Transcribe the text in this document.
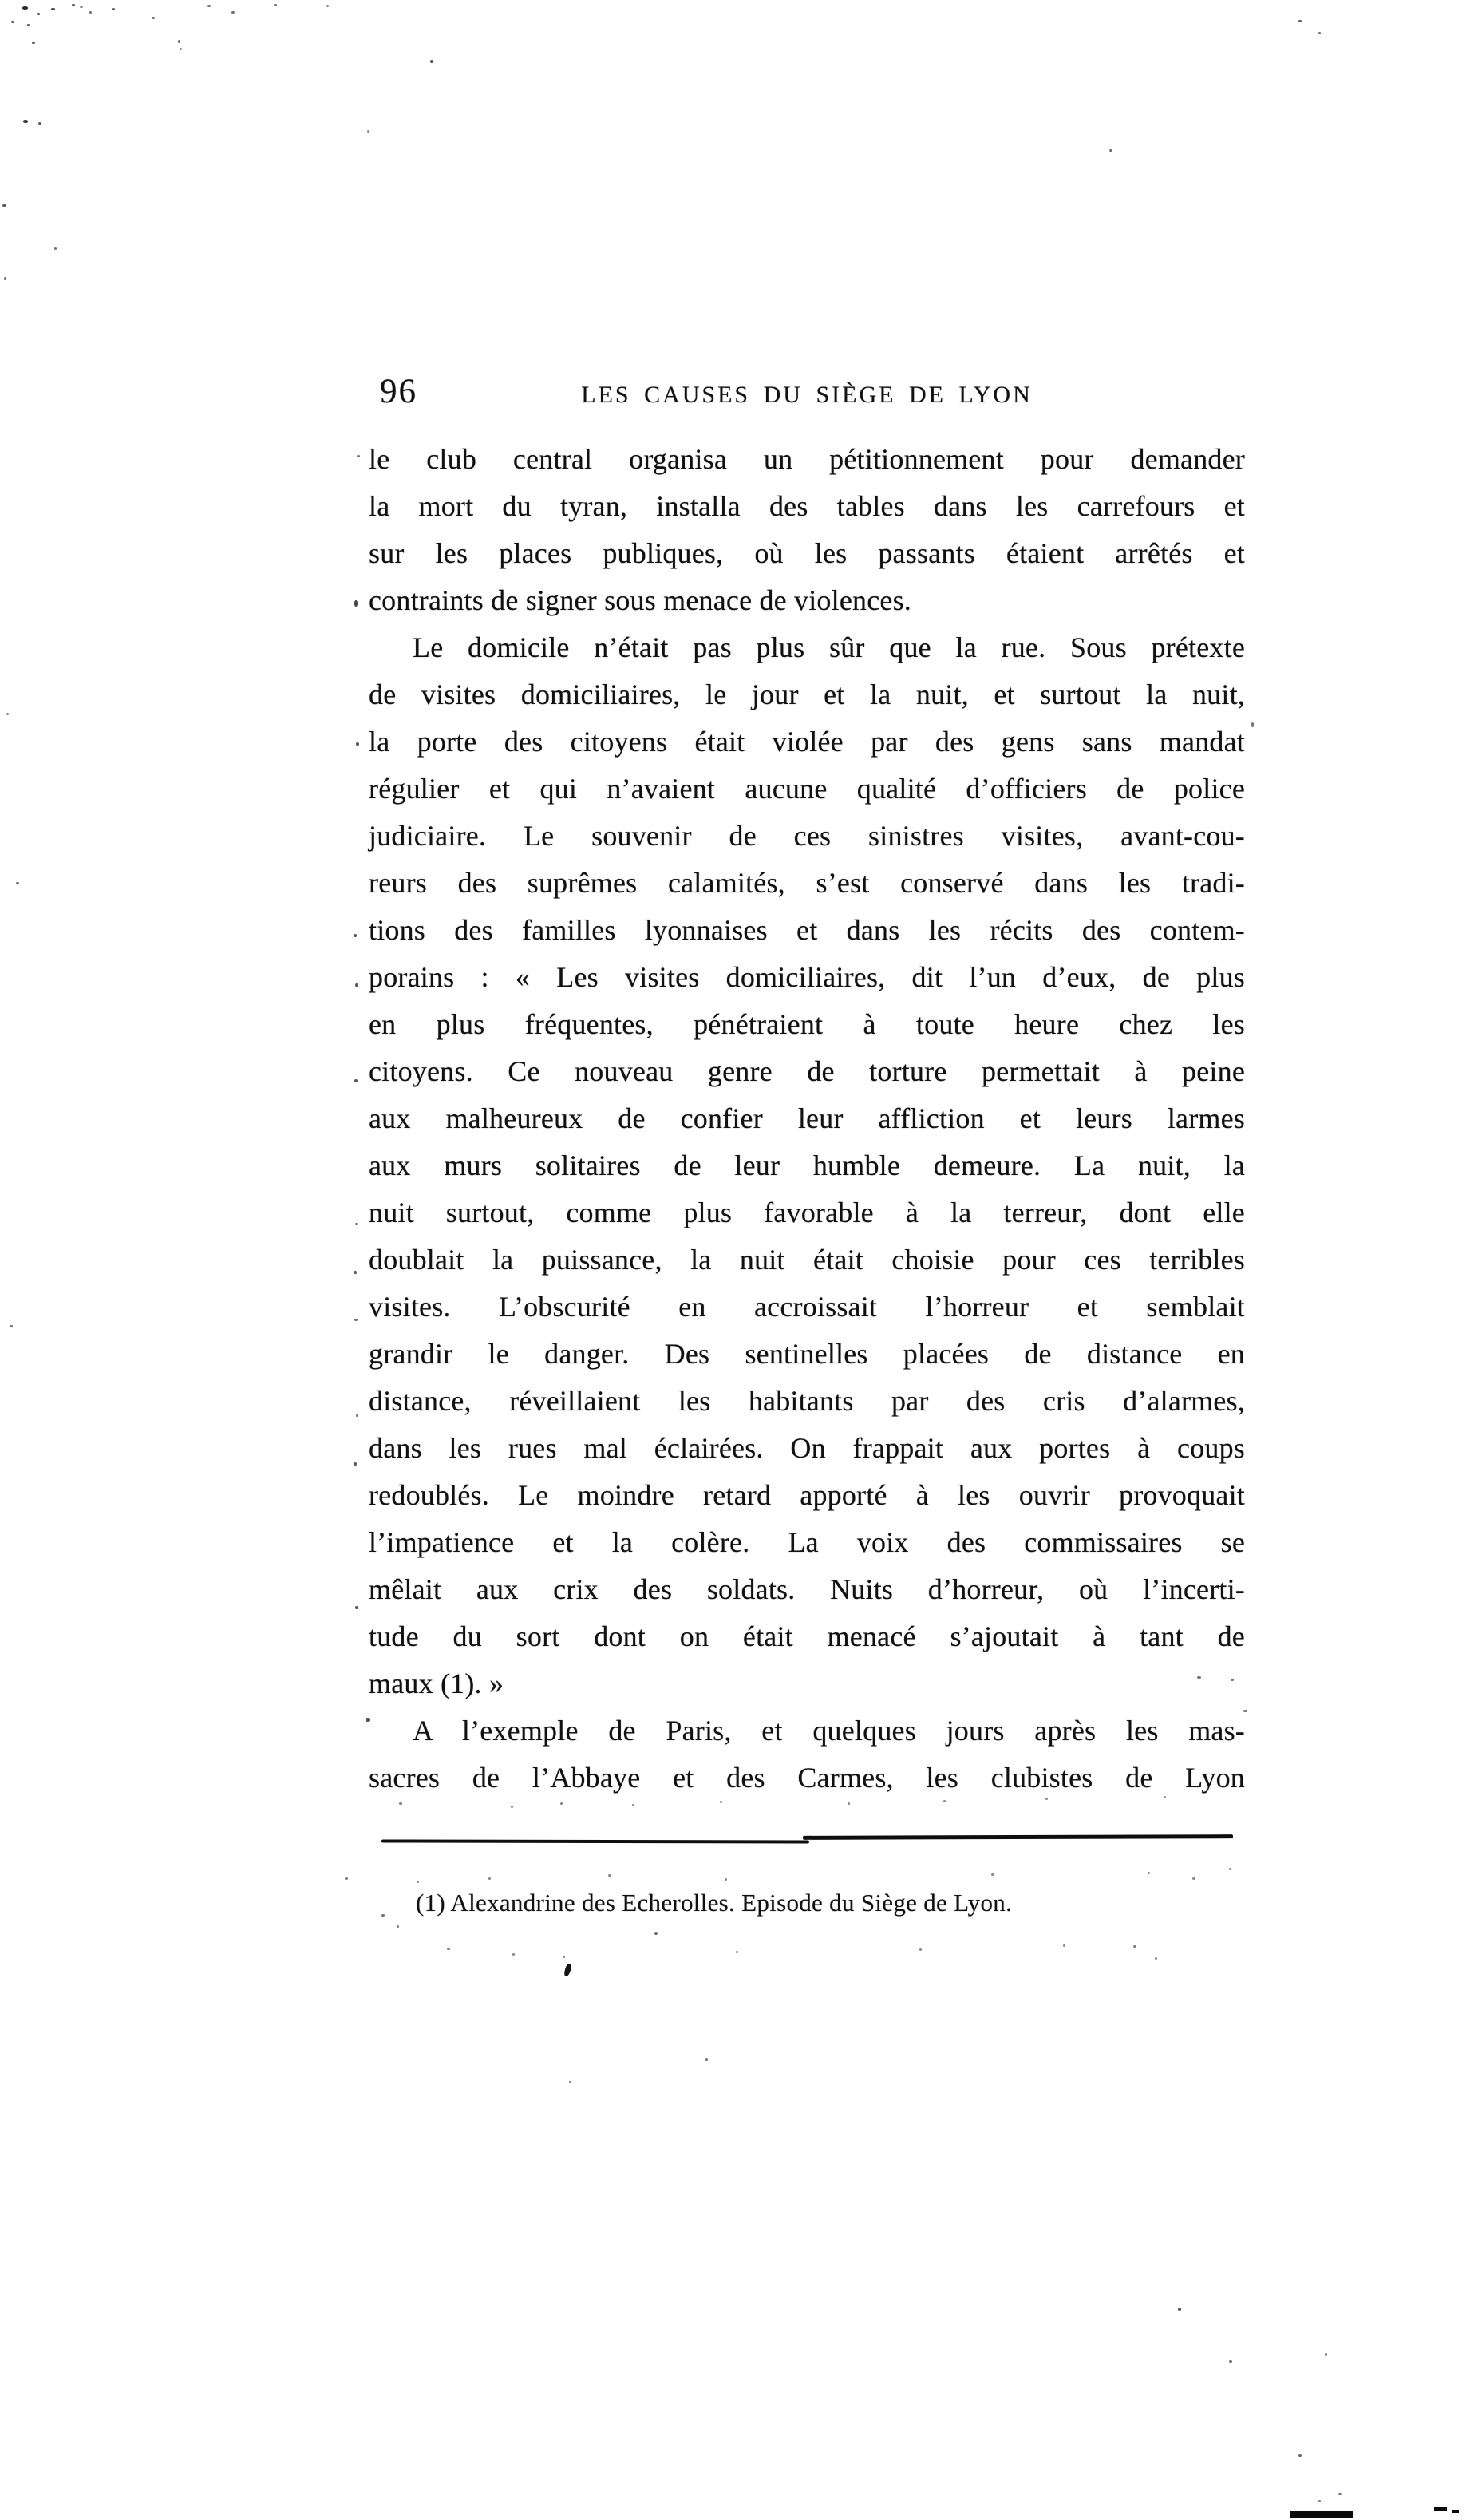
96	LES CAUSES DU SIÈGE DE LYON
le club central organisa un pétitionnement pour demander
la mort du tyran, installa des tables dans les carrefours et
sur les places publiques, où les passants étaient arrêtés et
contraints de signer sous menace de violences.
Le domicile n’était pas plus sûr que la rue. Sous prétexte
de visites domiciliaires, le jour et la nuit, et surtout la nuit,
la porte des citoyens était violée par des gens sans mandat
régulier et qui n’avaient aucune qualité d’officiers de police
judiciaire. Le souvenir de ces sinistres visites, avant-cou-
reurs des suprêmes calamités, s’est conservé dans les tradi-
tions des familles lyonnaises et dans les récits des contem-
porains : « Les visites domiciliaires, dit l’un d’eux, de plus
en plus fréquentes, pénétraient à toute heure chez les
citoyens. Ce nouveau genre de torture permettait à peine
aux malheureux de confier leur affliction et leurs larmes
aux murs solitaires de leur humble demeure. La nuit, la
nuit surtout, comme plus favorable à la terreur, dont elle
doublait la puissance, la nuit était choisie pour ces terribles
visites. L’obscurité en accroissait l’horreur et semblait
grandir le danger. Des sentinelles placées de distance en
distance, réveillaient les habitants par des cris d’alarmes,
dans les rues mal éclairées. On frappait aux portes à coups
redoublés. Le moindre retard apporté à les ouvrir provoquait
l’impatience et la colère. La voix des commissaires se
mêlait aux crix des soldats. Nuits d’horreur, où l’incerti-
tude du sort dont on était menacé s’ajoutait à tant de
maux (1). »
A l’exemple de Paris, et quelques jours après les mas-
sacres de l’Abbaye et des Carmes, les clubistes de Lyon
(1) Alexandrine des Echerolles. Episode du Siège de Lyon.
